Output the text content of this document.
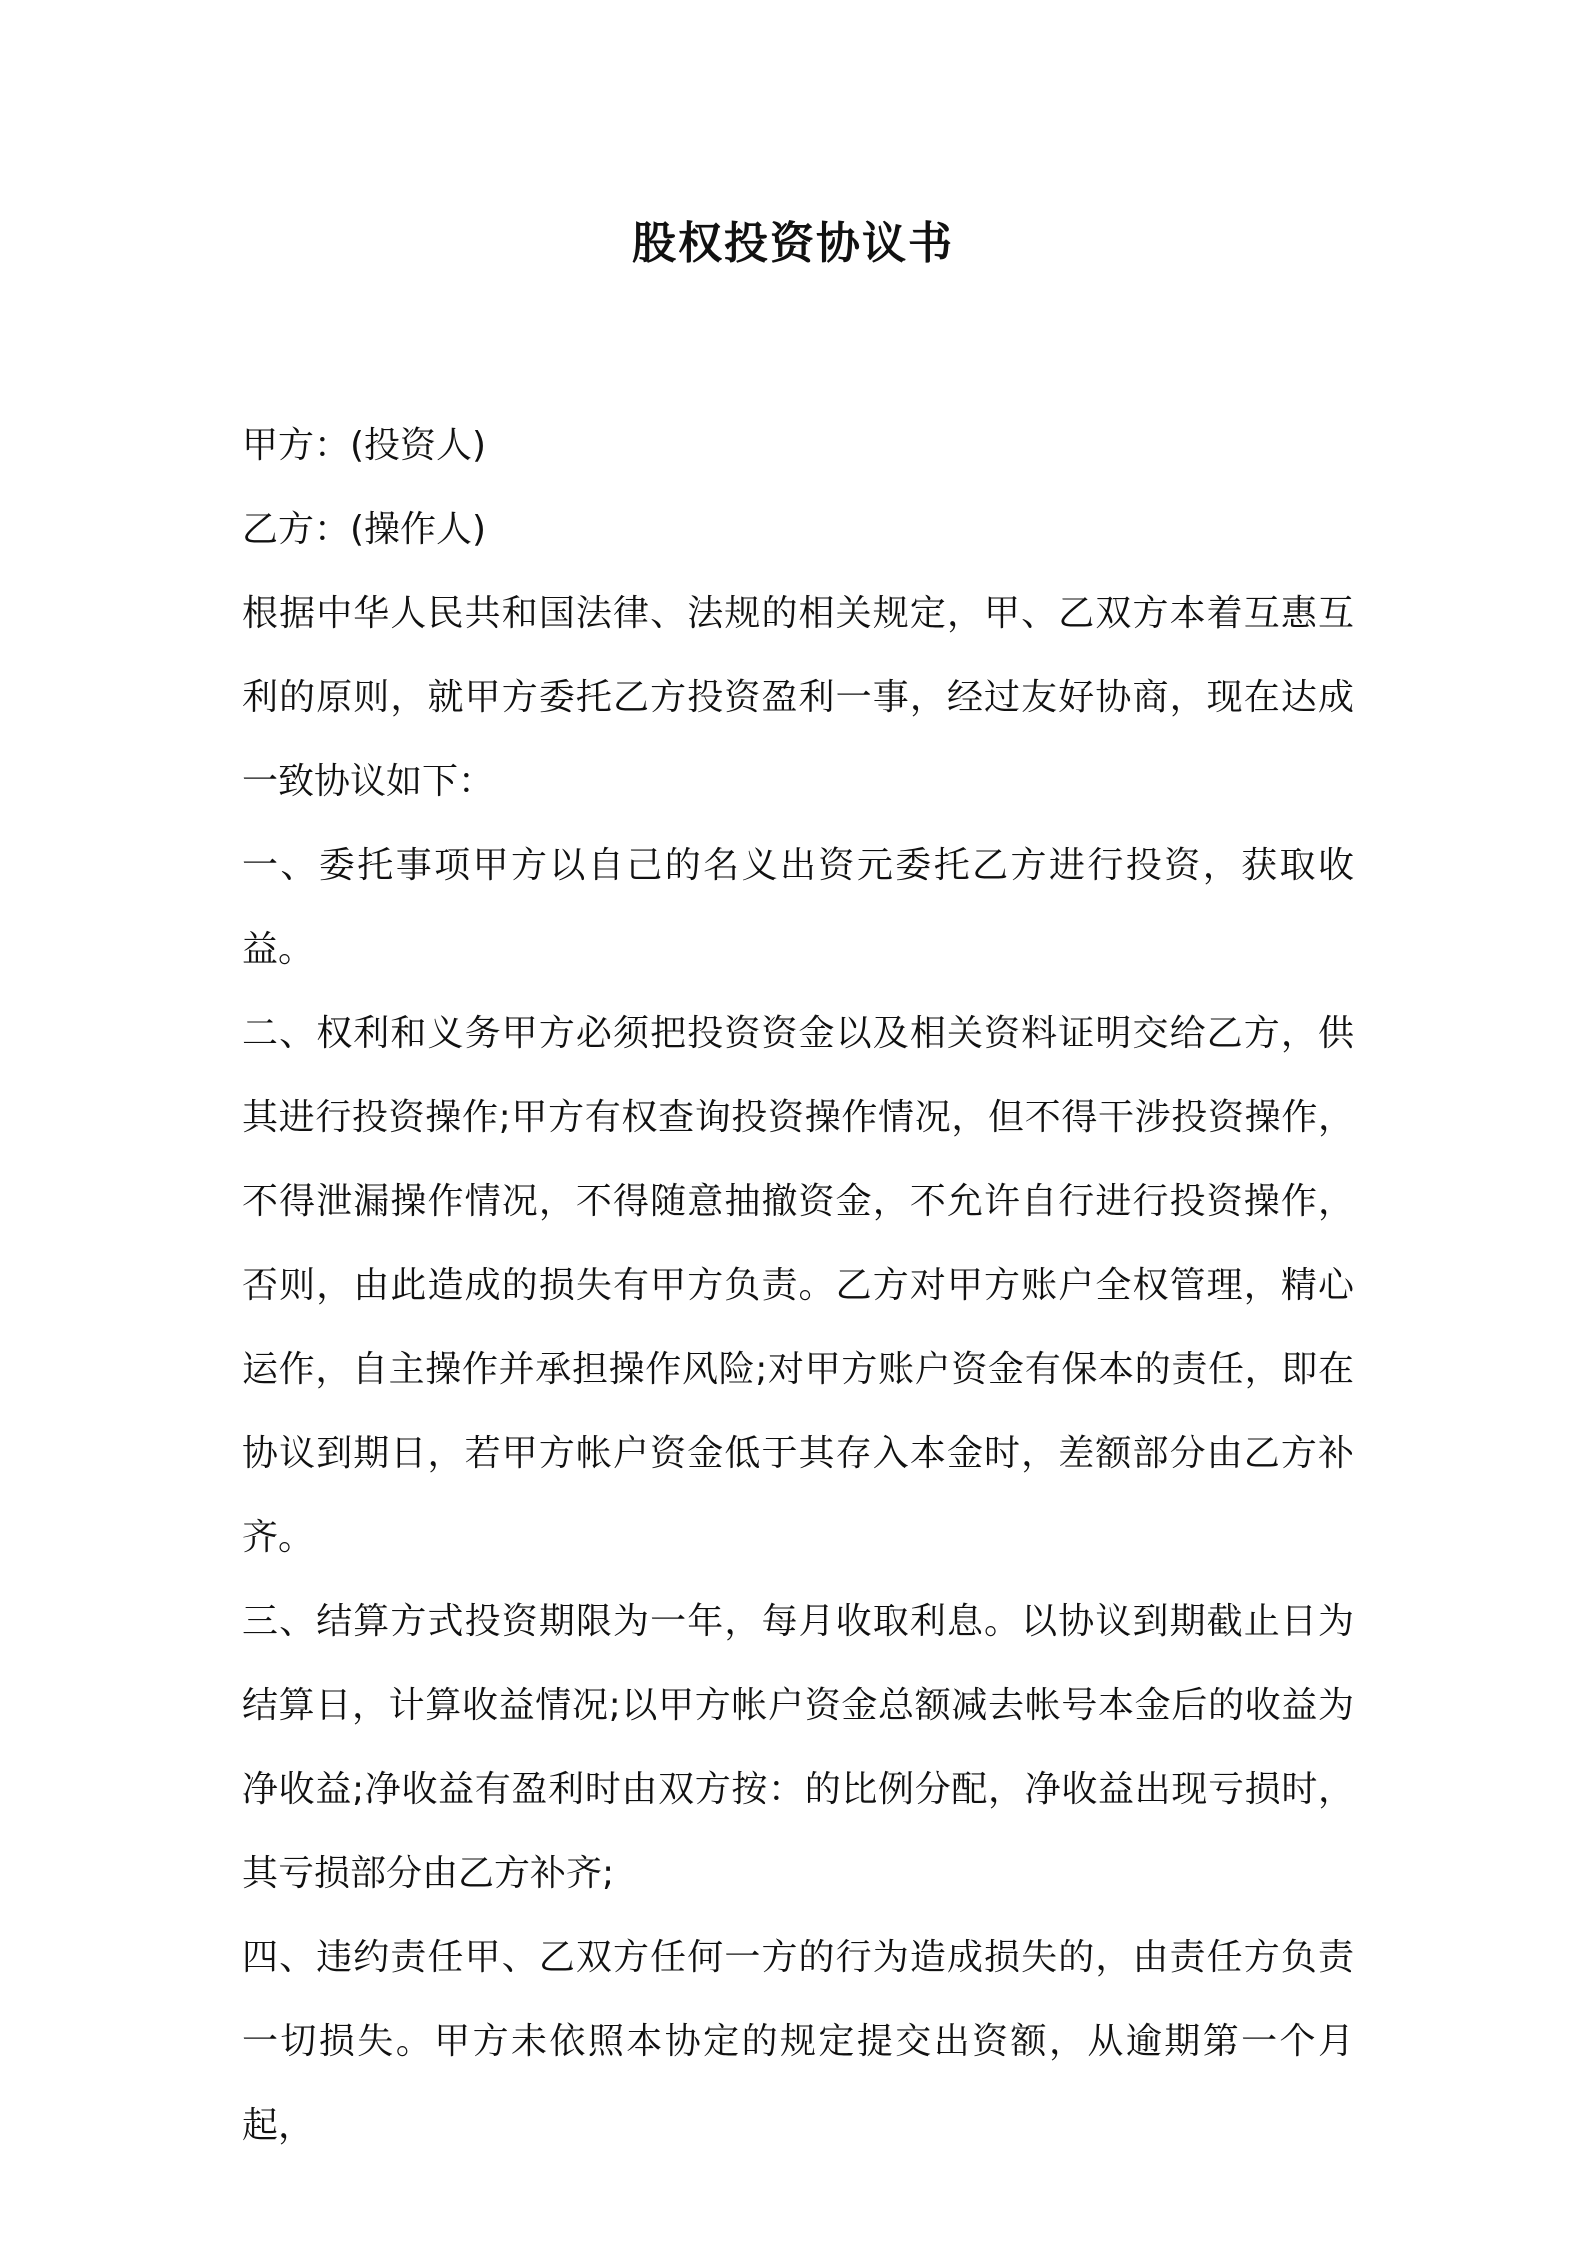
股权投资协议书

甲方：(投资人)

乙方：(操作人)

根据中华人民共和国法律、法规的相关规定，甲、乙双方本着互惠互利的原则，就甲方委托乙方投资盈利一事，经过友好协商，现在达成一致协议如下：

一、委托事项甲方以自己的名义出资元委托乙方进行投资，获取收益。

二、权利和义务甲方必须把投资资金以及相关资料证明交给乙方，供其进行投资操作;甲方有权查询投资操作情况，但不得干涉投资操作，不得泄漏操作情况，不得随意抽撤资金，不允许自行进行投资操作，否则，由此造成的损失有甲方负责。乙方对甲方账户全权管理，精心运作，自主操作并承担操作风险;对甲方账户资金有保本的责任，即在协议到期日，若甲方帐户资金低于其存入本金时，差额部分由乙方补齐。

三、结算方式投资期限为一年，每月收取利息。以协议到期截止日为结算日，计算收益情况;以甲方帐户资金总额减去帐号本金后的收益为净收益;净收益有盈利时由双方按：的比例分配，净收益出现亏损时，其亏损部分由乙方补齐;

四、违约责任甲、乙双方任何一方的行为造成损失的，由责任方负责一切损失。甲方未依照本协定的规定提交出资额，从逾期第一个月起，
